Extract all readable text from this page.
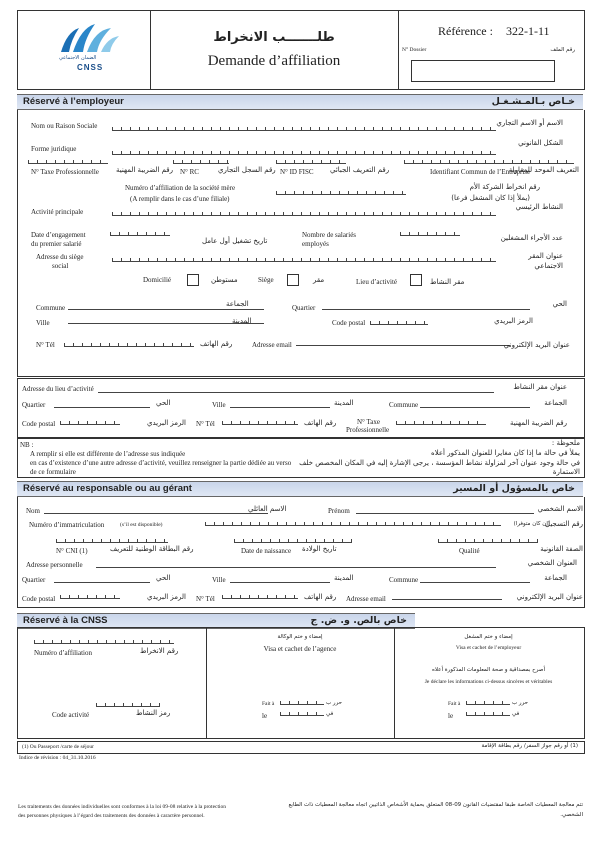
الضمان الاجتماعي
CNSS
طلـــــــب الانخراط
Demande d’affiliation
Référence : 322-1-11
N° Dossier	رقم الملف
Réservé à l’employeur	خـاص بـالمـشـغـل
Nom ou Raison Sociale	الاسم أو الاسم التجاري
Forme juridique
الشكل القانوني
N° Taxe Professionnelle رقم الضريبة المهنية N° RC	رقم السجل التجاري N° ID FISC رقم التعريف الجبائي	Identifiant Commun de l’Entreprise
التعريف الموحد للمقاولة
Numéro d’affiliation de la société mère
(A remplir dans le cas d’une filiale)
رقم انخراط الشركة الأم
(يملأ إذا كان المشغل فرعا)
Activité principale
النشاط الرئيسي
Date d’engagement
du premier salarié	تاريخ تشغيل أول عامل
Nombre de salariés
employés
عدد الأجراء المشغلين
Adresse du siège
social
عنوان المقر
الاجتماعي
Domicilié	مستوطن	Siège	مقر	Lieu d’activité	مقر النشاط
Commune	الجماعة	Quartier	الحي
Ville	المدينة	Code postal	الرمز البريدي
N° Tél	رقم الهاتف	Adresse email	عنوان البريد الإلكتروني
Adresse du lieu d’activité	عنوان مقر النشاط
Quartier	الحي	Ville	المدينة	Commune	الجماعة
Code postal	الرمز البريدي N° Tél	رقم الهاتف	N° Taxe
Professionnelle
رقم الضريبة المهنية
NB :
A remplir si elle est différente de l’adresse sus indiquée
en cas d’existence d’une autre adresse d’activité, veuillez renseigner la partie dédiée au verso
de ce formulaire
ملحوظة :
يملأ في حالة ما إذا كان مغايرا للعنوان المذكور أعلاه
في حالة وجود عنوان آخر لمزاولة نشاط المؤسسة ، يرجى الإشارة إليه في المكان المخصص خلف
الاستمارة
Réservé au responsable ou au gérant	خاص بالمسؤول أو المسير
Nom	الاسم العائلي	Prénom	الاسم الشخصي
Numéro d’immatriculation	(s’il est disponible)	(إن كان متوفرا)
رقم التسجيل
N° CNI (1)	رقم البطاقة الوطنية للتعريف	Date de naissance تاريخ الولادة	Qualité	الصفة القانونية
Adresse personnelle	العنوان الشخصي
Quartier	الحي	Ville	المدينة	Commune	الجماعة
Code postal	الرمز البريدي N° Tél	رقم الهاتف Adresse email	عنوان البريد الإلكتروني
Réservé à la CNSS	خاص بالص. و. ض. ج
Numéro d’affiliation	رقم الانخراط
Code activité	رمز النشاط
إمضاء و ختم الوكالة
Visa et cachet de l’agence
Fait à	حرر ب
le	في
إمضاء و ختم المشغل
Visa et cachet de l’employeur
أصرح بمصداقية و صحة المعلومات المذكورة أعلاه
Je déclare les informations ci-dessus sincères et véritables
Fait à	حرر ب
le	في
(1) Ou Passeport /carte de séjour	(1) أو رقم جواز السفر/ رقم بطاقة الإقامة
Indice de révision : 04_31.10.2016
Les traitements des données individuelles sont conformes à la loi 09-08 relative à la protection
des personnes physiques à l’égard des traitements des données à caractère personnel.
تتم معالجة المعطيات الخاصة طبقا لمقتضيات القانون 09-08 المتعلق بحماية الأشخاص الذاتيين اتجاه معالجة المعطيات ذات الطابع
الشخصي.
